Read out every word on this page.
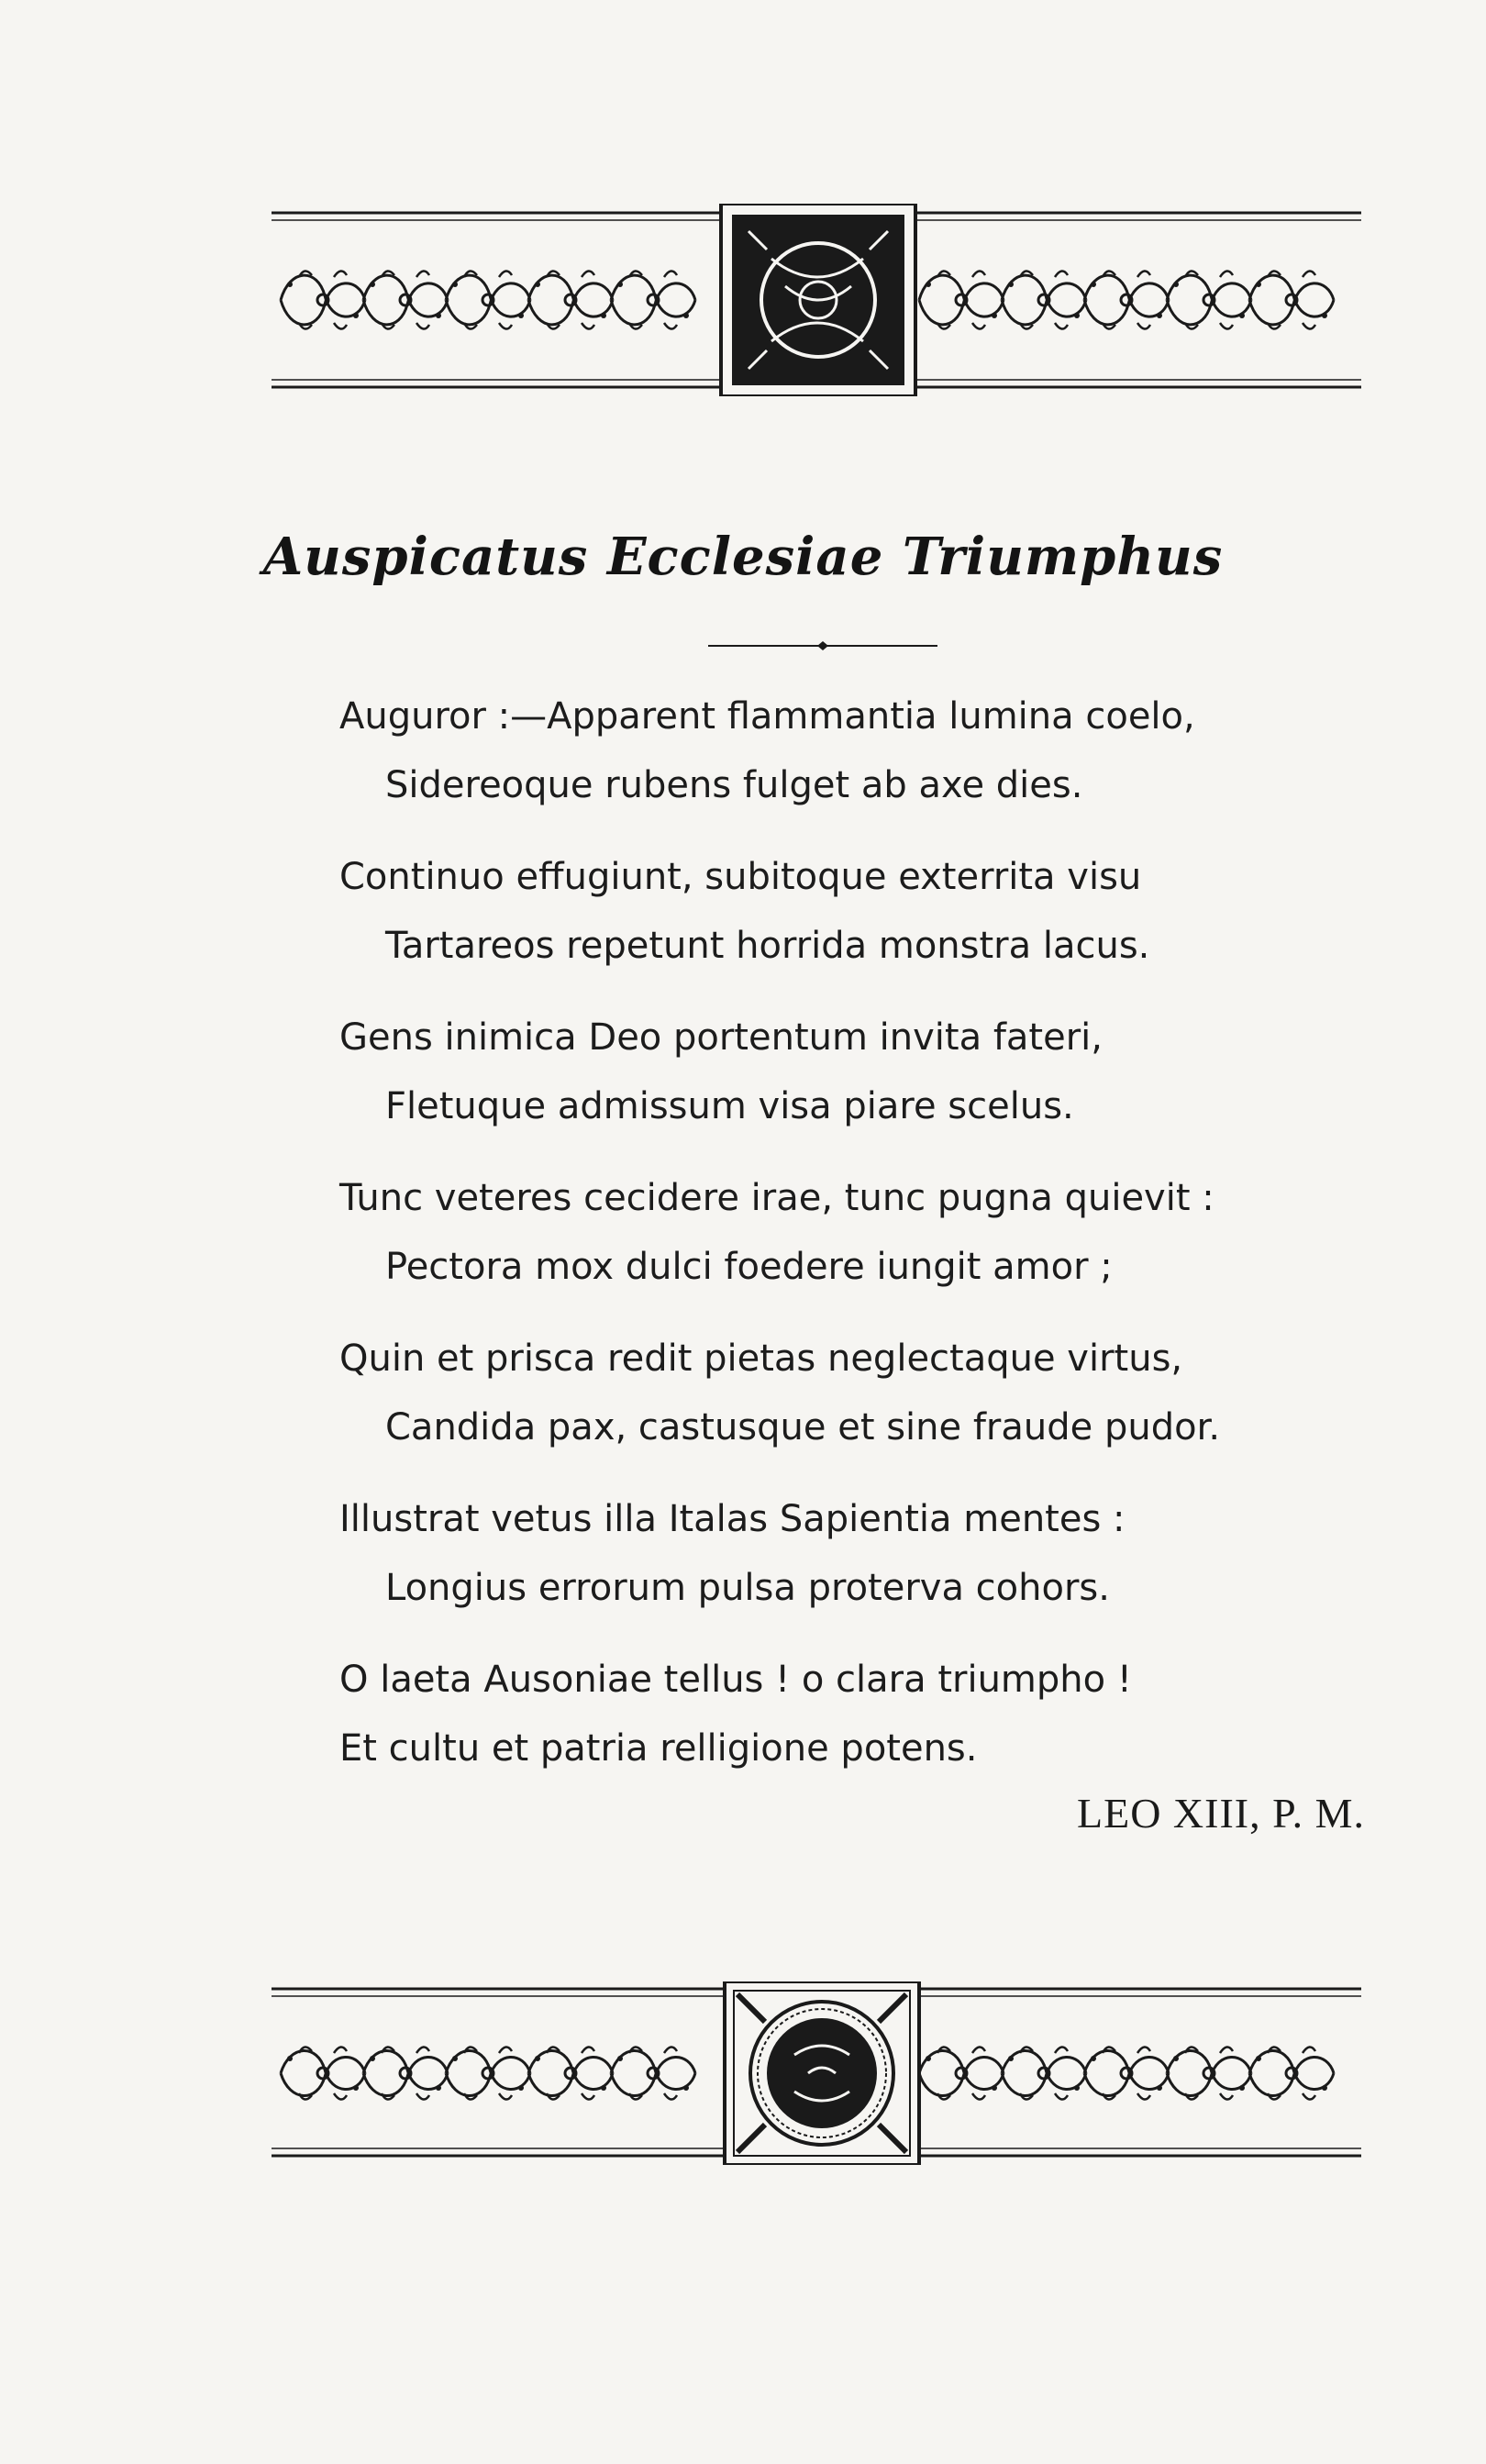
Auspicatus Ecclesiae Triumphus
Auguror :—Apparent flammantia lumina coelo,
Sidereoque rubens fulget ab axe dies.
Continuo effugiunt, subitoque exterrita visu
Tartareos repetunt horrida monstra lacus.
Gens inimica Deo portentum invita fateri,
Fletuque admissum visa piare scelus.
Tunc veteres cecidere irae, tunc pugna quievit :
Pectora mox dulci foedere iungit amor ;
Quin et prisca redit pietas neglectaque virtus,
Candida pax, castusque et sine fraude pudor.
Illustrat vetus illa Italas Sapientia mentes :
Longius errorum pulsa proterva cohors.
O laeta Ausoniae tellus ! o clara triumpho !
Et cultu et patria relligione potens.
LEO XIII, P. M.
